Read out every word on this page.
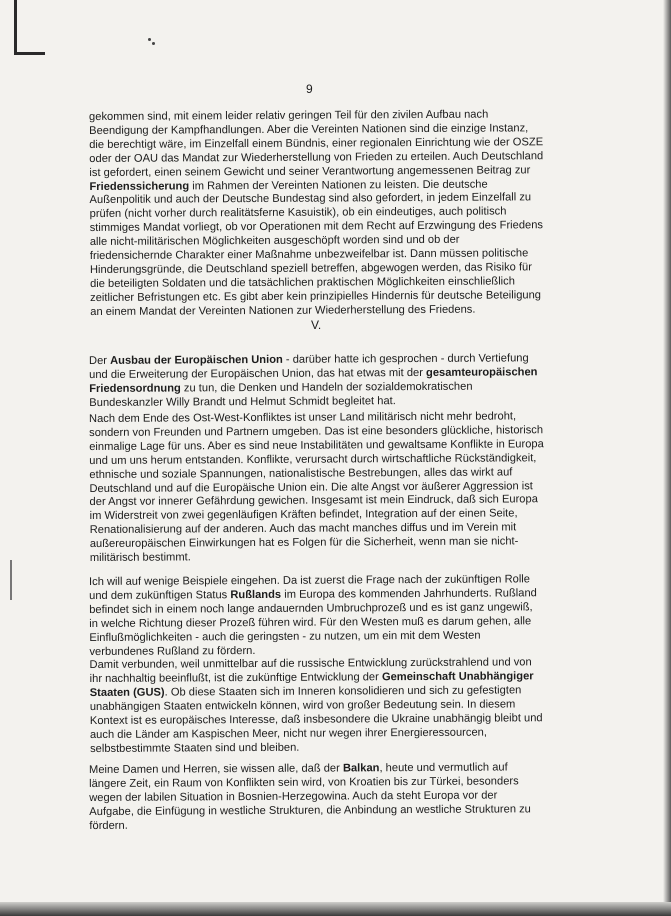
9

gekommen sind, mit einem leider relativ geringen Teil für den zivilen Aufbau nach Beendigung der Kampfhandlungen. Aber die Vereinten Nationen sind die einzige Instanz, die berechtigt wäre, im Einzelfall einem Bündnis, einer regionalen Einrichtung wie der OSZE oder der OAU das Mandat zur Wiederherstellung von Frieden zu erteilen. Auch Deutschland ist gefordert, einen seinem Gewicht und seiner Verantwortung angemessenen Beitrag zur Friedenssicherung im Rahmen der Vereinten Nationen zu leisten. Die deutsche Außenpolitik und auch der Deutsche Bundestag sind also gefordert, in jedem Einzelfall zu prüfen (nicht vorher durch realitätsferne Kasuistik), ob ein eindeutiges, auch politisch stimmiges Mandat vorliegt, ob vor Operationen mit dem Recht auf Erzwingung des Friedens alle nicht-militärischen Möglichkeiten ausgeschöpft worden sind und ob der friedensichernde Charakter einer Maßnahme unbezweifelbar ist. Dann müssen politische Hinderungsgründe, die Deutschland speziell betreffen, abgewogen werden, das Risiko für die beteiligten Soldaten und die tatsächlichen praktischen Möglichkeiten einschließlich zeitlicher Befristungen etc. Es gibt aber kein prinzipielles Hindernis für deutsche Beteiligung an einem Mandat der Vereinten Nationen zur Wiederherstellung des Friedens.

V.

Der Ausbau der Europäischen Union - darüber hatte ich gesprochen - durch Vertiefung und die Erweiterung der Europäischen Union, das hat etwas mit der gesamteuropäischen Friedensordnung zu tun, die Denken und Handeln der sozialdemokratischen Bundeskanzler Willy Brandt und Helmut Schmidt begleitet hat.

Nach dem Ende des Ost-West-Konfliktes ist unser Land militärisch nicht mehr bedroht, sondern von Freunden und Partnern umgeben. Das ist eine besonders glückliche, historisch einmalige Lage für uns. Aber es sind neue Instabilitäten und gewaltsame Konflikte in Europa und um uns herum entstanden. Konflikte, verursacht durch wirtschaftliche Rückständigkeit, ethnische und soziale Spannungen, nationalistische Bestrebungen, alles das wirkt auf Deutschland und auf die Europäische Union ein. Die alte Angst vor äußerer Aggression ist der Angst vor innerer Gefährdung gewichen. Insgesamt ist mein Eindruck, daß sich Europa im Widerstreit von zwei gegenläufigen Kräften befindet, Integration auf der einen Seite, Renationalisierung auf der anderen. Auch das macht manches diffus und im Verein mit außereuropäischen Einwirkungen hat es Folgen für die Sicherheit, wenn man sie nicht-militärisch bestimmt.

Ich will auf wenige Beispiele eingehen. Da ist zuerst die Frage nach der zukünftigen Rolle und dem zukünftigen Status Rußlands im Europa des kommenden Jahrhunderts. Rußland befindet sich in einem noch lange andauernden Umbruchprozeß und es ist ganz ungewiß, in welche Richtung dieser Prozeß führen wird. Für den Westen muß es darum gehen, alle Einflußmöglichkeiten - auch die geringsten - zu nutzen, um ein mit dem Westen verbundenes Rußland zu fördern.
Damit verbunden, weil unmittelbar auf die russische Entwicklung zurückstrahlend und von ihr nachhaltig beeinflußt, ist die zukünftige Entwicklung der Gemeinschaft Unabhängiger Staaten (GUS). Ob diese Staaten sich im Inneren konsolidieren und sich zu gefestigten unabhängigen Staaten entwickeln können, wird von großer Bedeutung sein. In diesem Kontext ist es europäisches Interesse, daß insbesondere die Ukraine unabhängig bleibt und auch die Länder am Kaspischen Meer, nicht nur wegen ihrer Energieressourcen, selbstbestimmte Staaten sind und bleiben.

Meine Damen und Herren, sie wissen alle, daß der Balkan, heute und vermutlich auf längere Zeit, ein Raum von Konflikten sein wird, von Kroatien bis zur Türkei, besonders wegen der labilen Situation in Bosnien-Herzegowina. Auch da steht Europa vor der Aufgabe, die Einfügung in westliche Strukturen, die Anbindung an westliche Strukturen zu fördern.
